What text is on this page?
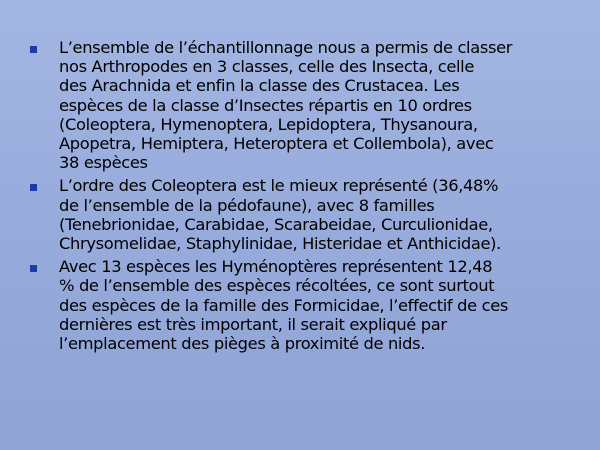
L’ensemble de l’échantillonnage nous a permis de classer
nos Arthropodes en 3 classes, celle des Insecta, celle
des Arachnida et enfin la classe des Crustacea. Les
espèces de la classe d’Insectes répartis en 10 ordres
(Coleoptera, Hymenoptera, Lepidoptera, Thysanoura,
Apopetra, Hemiptera, Heteroptera et Collembola), avec
38 espèces
L’ordre des Coleoptera est le mieux représenté (36,48%
de l’ensemble de la pédofaune), avec 8 familles
(Tenebrionidae, Carabidae, Scarabeidae, Curculionidae,
Chrysomelidae, Staphylinidae, Histeridae et Anthicidae).
Avec 13 espèces les Hyménoptères représentent 12,48
% de l’ensemble des espèces récoltées, ce sont surtout
des espèces de la famille des Formicidae, l’effectif de ces
dernières est très important, il serait expliqué par
l’emplacement des pièges à proximité de nids.
